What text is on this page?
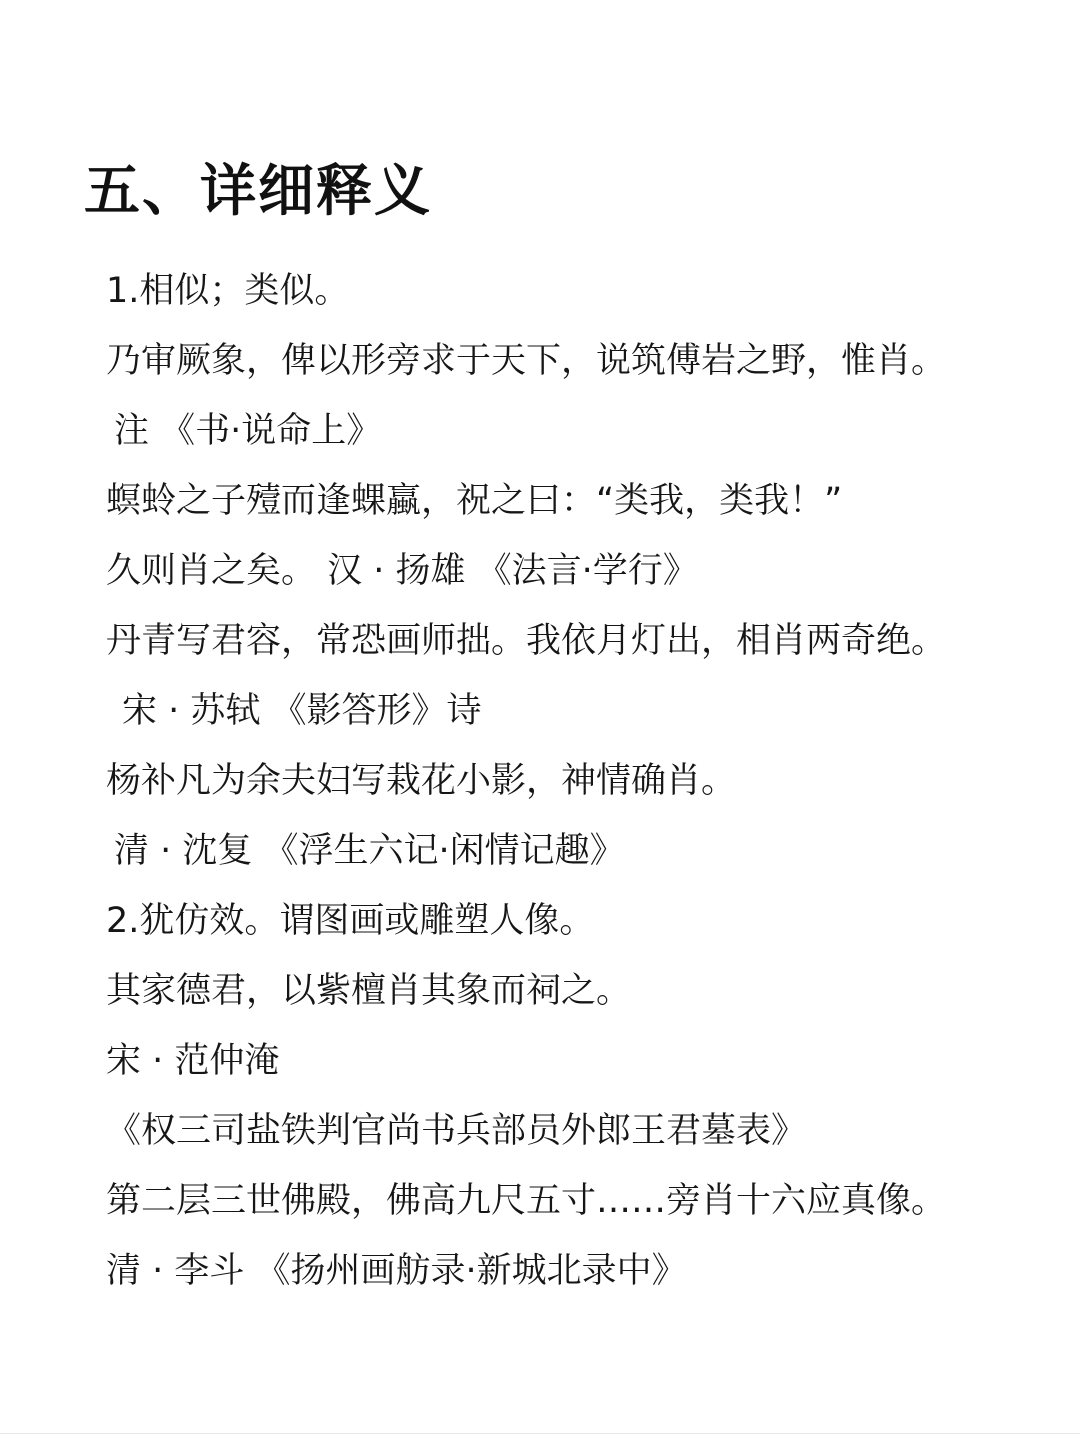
五、详细释义
1.相似；类似。
乃审厥象，俾以形旁求于天下，说筑傅岩之野，惟肖。
注 《书·说命上》
螟蛉之子殪而逢蜾蠃，祝之曰：“类我，类我！”
久则肖之矣。 汉 · 扬雄 《法言·学行》
丹青写君容，常恐画师拙。我依月灯出，相肖两奇绝。
宋 · 苏轼 《影答形》诗
杨补凡为余夫妇写栽花小影，神情确肖。
清 · 沈复 《浮生六记·闲情记趣》
2.犹仿效。谓图画或雕塑人像。
其家德君，以紫檀肖其象而祠之。
宋 · 范仲淹
《权三司盐铁判官尚书兵部员外郎王君墓表》
第二层三世佛殿，佛高九尺五寸……旁肖十六应真像。
清 · 李斗 《扬州画舫录·新城北录中》
